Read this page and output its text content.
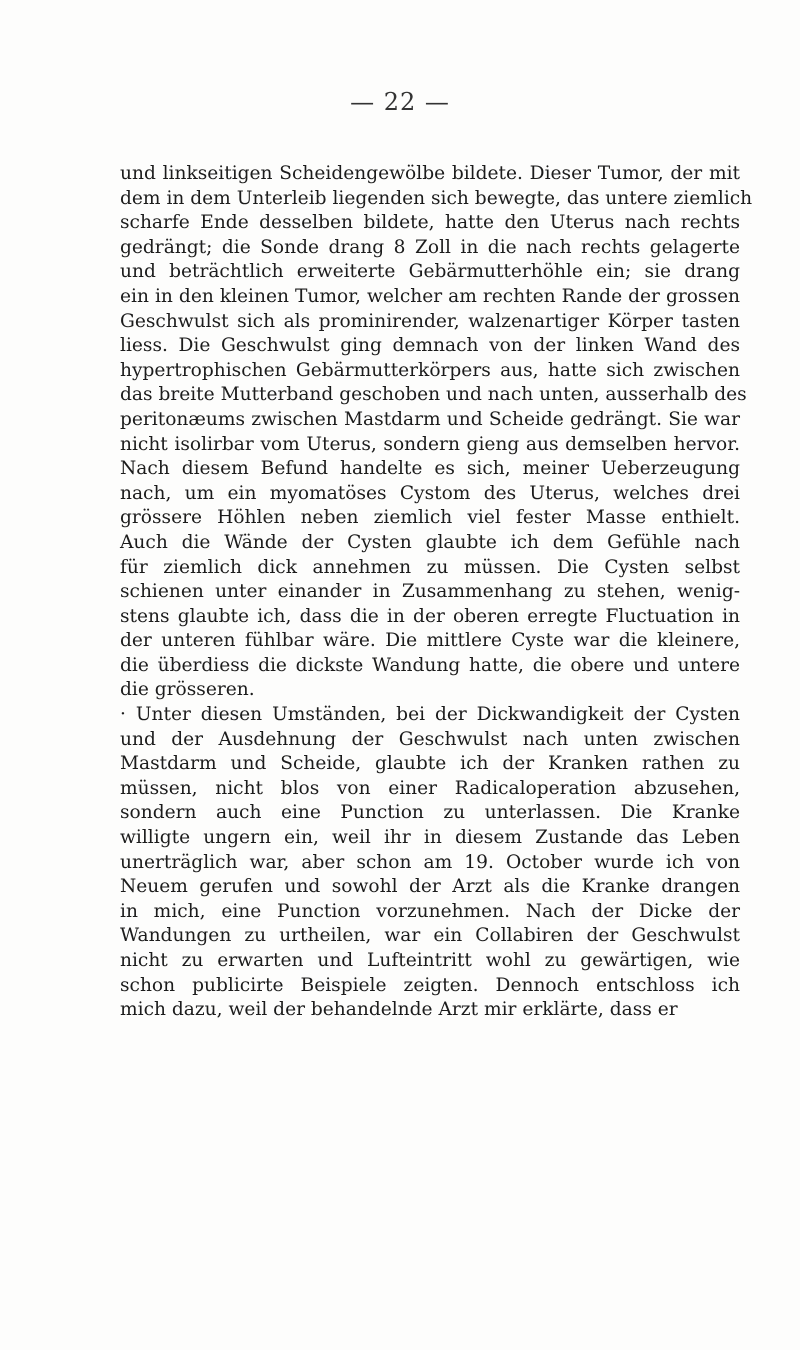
— 22 —
und linkseitigen Scheidengewölbe bildete. Dieser Tumor, der mit
dem in dem Unterleib liegenden sich bewegte, das untere ziemlich
scharfe Ende desselben bildete, hatte den Uterus nach rechts
gedrängt; die Sonde drang 8 Zoll in die nach rechts gelagerte
und beträchtlich erweiterte Gebärmutterhöhle ein; sie drang
ein in den kleinen Tumor, welcher am rechten Rande der grossen
Geschwulst sich als prominirender, walzenartiger Körper tasten
liess. Die Geschwulst ging demnach von der linken Wand des
hypertrophischen Gebärmutterkörpers aus, hatte sich zwischen
das breite Mutterband geschoben und nach unten, ausserhalb des
peritonæums zwischen Mastdarm und Scheide gedrängt. Sie war
nicht isolirbar vom Uterus, sondern gieng aus demselben hervor.
Nach diesem Befund handelte es sich, meiner Ueberzeugung
nach, um ein myomatöses Cystom des Uterus, welches drei
grössere Höhlen neben ziemlich viel fester Masse enthielt.
Auch die Wände der Cysten glaubte ich dem Gefühle nach
für ziemlich dick annehmen zu müssen. Die Cysten selbst
schienen unter einander in Zusammenhang zu stehen, wenig-
stens glaubte ich, dass die in der oberen erregte Fluctuation in
der unteren fühlbar wäre. Die mittlere Cyste war die kleinere,
die überdiess die dickste Wandung hatte, die obere und untere
die grösseren.
· Unter diesen Umständen, bei der Dickwandigkeit der Cysten
und der Ausdehnung der Geschwulst nach unten zwischen
Mastdarm und Scheide, glaubte ich der Kranken rathen zu
müssen, nicht blos von einer Radicaloperation abzusehen,
sondern auch eine Punction zu unterlassen. Die Kranke
willigte ungern ein, weil ihr in diesem Zustande das Leben
unerträglich war, aber schon am 19. October wurde ich von
Neuem gerufen und sowohl der Arzt als die Kranke drangen
in mich, eine Punction vorzunehmen. Nach der Dicke der
Wandungen zu urtheilen, war ein Collabiren der Geschwulst
nicht zu erwarten und Lufteintritt wohl zu gewärtigen, wie
schon publicirte Beispiele zeigten. Dennoch entschloss ich
mich dazu, weil der behandelnde Arzt mir erklärte, dass er
